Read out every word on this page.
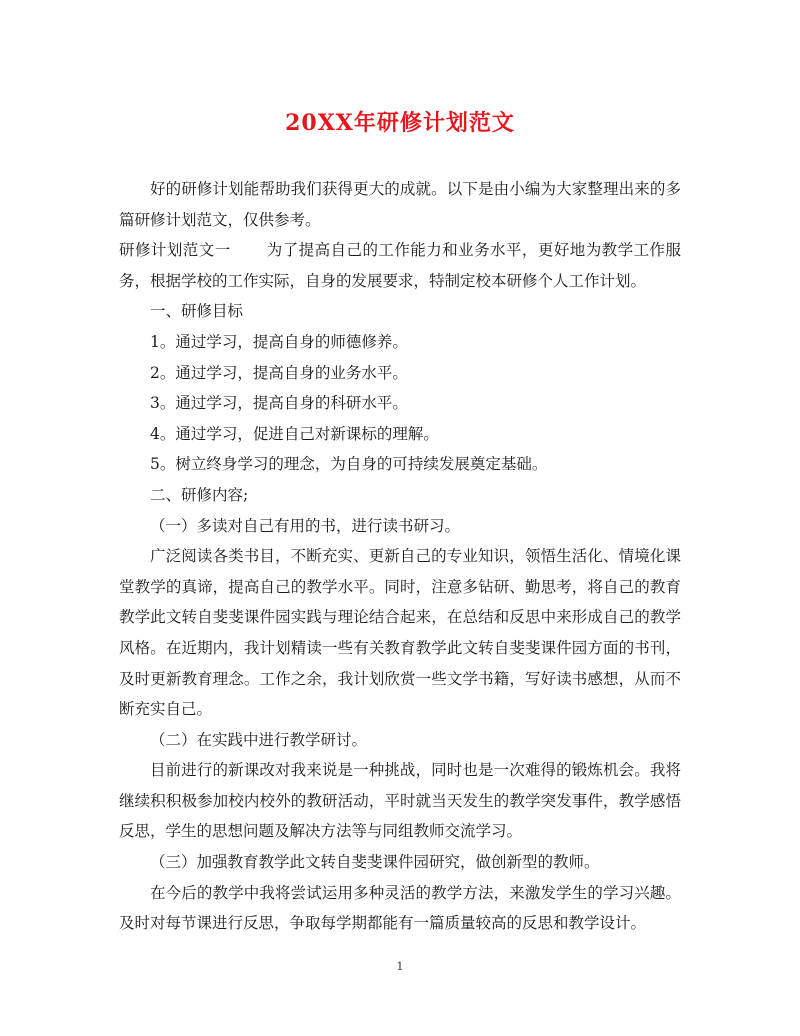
20XX年研修计划范文

好的研修计划能帮助我们获得更大的成就。以下是由小编为大家整理出来的多篇研修计划范文，仅供参考。

研修计划范文一 为了提高自己的工作能力和业务水平，更好地为教学工作服务，根据学校的工作实际，自身的发展要求，特制定校本研修个人工作计划。

一、研修目标

1。通过学习，提高自身的师德修养。

2。通过学习，提高自身的业务水平。

3。通过学习，提高自身的科研水平。

4。通过学习，促进自己对新课标的理解。

5。树立终身学习的理念，为自身的可持续发展奠定基础。

二、研修内容;

（一）多读对自己有用的书，进行读书研习。

广泛阅读各类书目，不断充实、更新自己的专业知识，领悟生活化、情境化课堂教学的真谛，提高自己的教学水平。同时，注意多钻研、勤思考，将自己的教育教学此文转自斐斐课件园实践与理论结合起来，在总结和反思中来形成自己的教学风格。在近期内，我计划精读一些有关教育教学此文转自斐斐课件园方面的书刊，及时更新教育理念。工作之余，我计划欣赏一些文学书籍，写好读书感想，从而不断充实自己。

（二）在实践中进行教学研讨。

目前进行的新课改对我来说是一种挑战，同时也是一次难得的锻炼机会。我将继续积积极参加校内校外的教研活动，平时就当天发生的教学突发事件，教学感悟反思，学生的思想问题及解决方法等与同组教师交流学习。

（三）加强教育教学此文转自斐斐课件园研究，做创新型的教师。

在今后的教学中我将尝试运用多种灵活的教学方法，来激发学生的学习兴趣。及时对每节课进行反思，争取每学期都能有一篇质量较高的反思和教学设计。

1
